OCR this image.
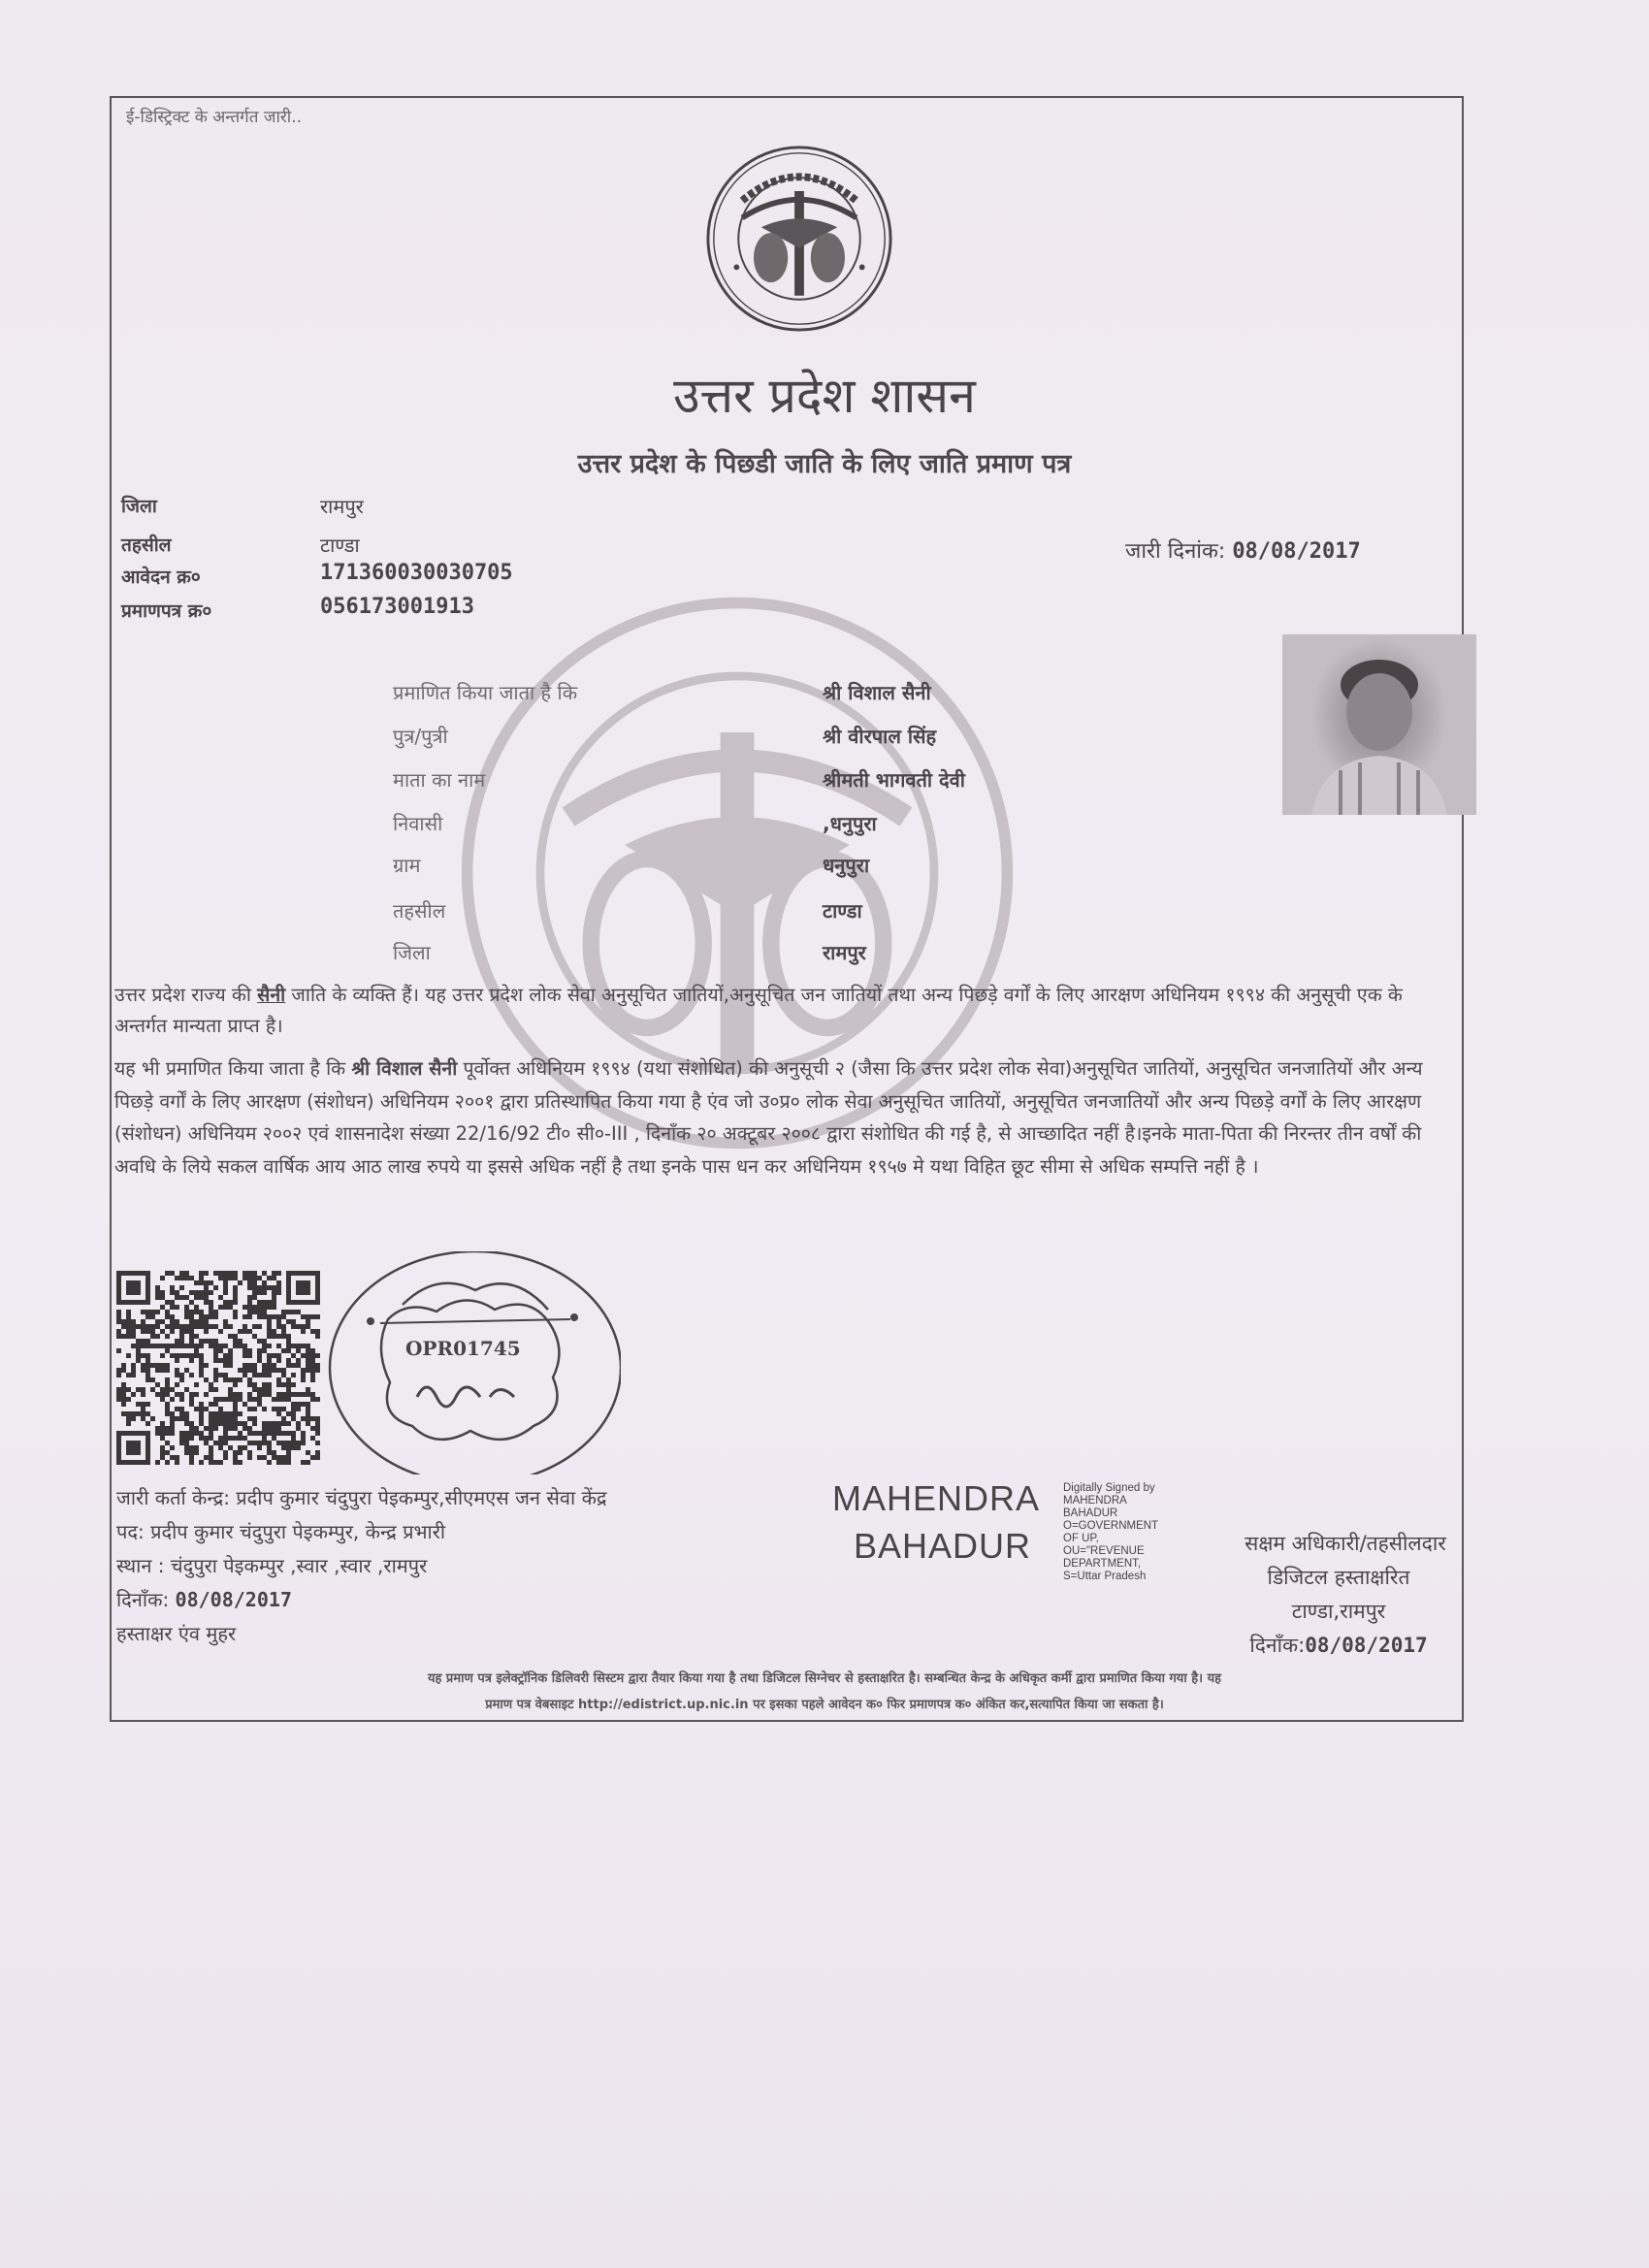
ई-डिस्ट्रिक्ट के अन्तर्गत जारी..
उत्तर प्रदेश शासन
उत्तर प्रदेश के पिछडी जाति के लिए जाति प्रमाण पत्र
जिला	रामपुर
तहसील	टाण्डा
आवेदन क्र०	171360030030705
प्रमाणपत्र क्र०	056173001913
जारी दिनांक: 08/08/2017
प्रमाणित किया जाता है कि	श्री विशाल सैनी
पुत्र/पुत्री	श्री वीरपाल सिंह
माता का नाम	श्रीमती भागवती देवी
निवासी	,धनुपुरा
ग्राम	धनुपुरा
तहसील	टाण्डा
जिला	रामपुर
उत्तर प्रदेश राज्य की सैनी जाति के व्यक्ति हैं। यह उत्तर प्रदेश लोक सेवा अनुसूचित जातियों,अनुसूचित जन जातियों तथा अन्य पिछड़े वर्गों के लिए आरक्षण अधिनियम १९९४ की अनुसूची एक के अन्तर्गत मान्यता प्राप्त है।
यह भी प्रमाणित किया जाता है कि श्री विशाल सैनी पूर्वोक्त अधिनियम १९९४ (यथा संशोधित) की अनुसूची २ (जैसा कि उत्तर प्रदेश लोक सेवा)अनुसूचित जातियों, अनुसूचित जनजातियों और अन्य पिछड़े वर्गों के लिए आरक्षण (संशोधन) अधिनियम २००१ द्वारा प्रतिस्थापित किया गया है एंव जो उ०प्र० लोक सेवा अनुसूचित जातियों, अनुसूचित जनजातियों और अन्य पिछड़े वर्गों के लिए आरक्षण (संशोधन) अधिनियम २००२ एवं शासनादेश संख्या 22/16/92 टी० सी०-III , दिनाँक २० अक्टूबर २००८ द्वारा संशोधित की गई है, से आच्छादित नहीं है।इनके माता-पिता की निरन्तर तीन वर्षों की अवधि के लिये सकल वार्षिक आय आठ लाख रुपये या इससे अधिक नहीं है तथा इनके पास धन कर अधिनियम १९५७ मे यथा विहित छूट सीमा से अधिक सम्पत्ति नहीं है ।
OPR01745
जारी कर्ता केन्द्र: प्रदीप कुमार चंदुपुरा पेइकम्पुर,सीएमएस जन सेवा केंद्र
पद: प्रदीप कुमार चंदुपुरा पेइकम्पुर, केन्द्र प्रभारी
स्थान : चंदुपुरा पेइकम्पुर ,स्वार ,स्वार ,रामपुर
दिनाँक: 08/08/2017
हस्ताक्षर एंव मुहर
MAHENDRA
BAHADUR
Digitally Signed by
MAHENDRA
BAHADUR
O=GOVERNMENT
OF UP,
OU="REVENUE
DEPARTMENT,
S=Uttar Pradesh
सक्षम अधिकारी/तहसीलदार
डिजिटल हस्ताक्षरित
टाण्डा,रामपुर
दिनाँक:08/08/2017
यह प्रमाण पत्र इलेक्ट्रॉनिक डिलिवरी सिस्टम द्वारा तैयार किया गया है तथा डिजिटल सिग्नेचर से हस्ताक्षरित है। सम्बन्धित केन्द्र के अधिकृत कर्मी द्वारा प्रमाणित किया गया है। यह
प्रमाण पत्र वेबसाइट http://edistrict.up.nic.in पर इसका पहले आवेदन क० फिर प्रमाणपत्र क० अंकित कर,सत्यापित किया जा सकता है।
